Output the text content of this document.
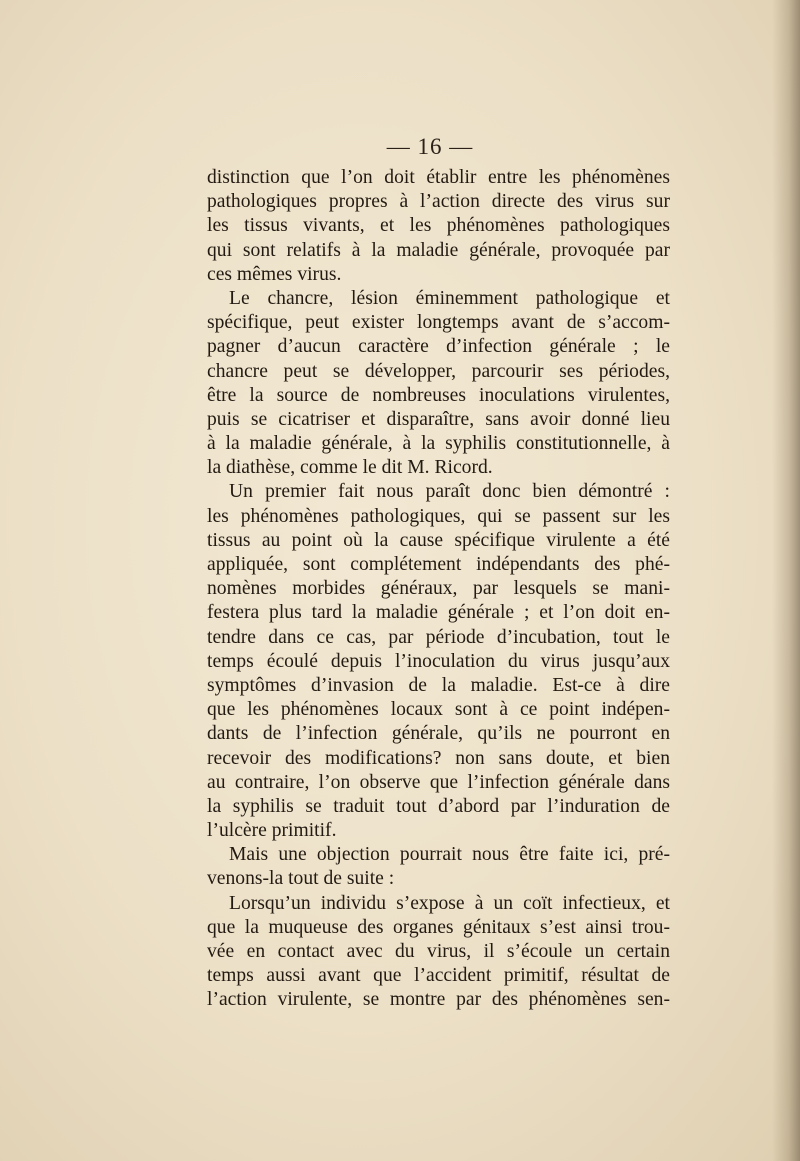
— 16 —
distinction que l’on doit établir entre les phénomènes
pathologiques propres à l’action directe des virus sur
les tissus vivants, et les phénomènes pathologiques
qui sont relatifs à la maladie générale, provoquée par
ces mêmes virus.
Le chancre, lésion éminemment pathologique et
spécifique, peut exister longtemps avant de s’accom-
pagner d’aucun caractère d’infection générale ; le
chancre peut se développer, parcourir ses périodes,
être la source de nombreuses inoculations virulentes,
puis se cicatriser et disparaître, sans avoir donné lieu
à la maladie générale, à la syphilis constitutionnelle, à
la diathèse, comme le dit M. Ricord.
Un premier fait nous paraît donc bien démontré :
les phénomènes pathologiques, qui se passent sur les
tissus au point où la cause spécifique virulente a été
appliquée, sont complétement indépendants des phé-
nomènes morbides généraux, par lesquels se mani-
festera plus tard la maladie générale ; et l’on doit en-
tendre dans ce cas, par période d’incubation, tout le
temps écoulé depuis l’inoculation du virus jusqu’aux
symptômes d’invasion de la maladie. Est-ce à dire
que les phénomènes locaux sont à ce point indépen-
dants de l’infection générale, qu’ils ne pourront en
recevoir des modifications? non sans doute, et bien
au contraire, l’on observe que l’infection générale dans
la syphilis se traduit tout d’abord par l’induration de
l’ulcère primitif.
Mais une objection pourrait nous être faite ici, pré-
venons-la tout de suite :
Lorsqu’un individu s’expose à un coït infectieux, et
que la muqueuse des organes génitaux s’est ainsi trou-
vée en contact avec du virus, il s’écoule un certain
temps aussi avant que l’accident primitif, résultat de
l’action virulente, se montre par des phénomènes sen-
